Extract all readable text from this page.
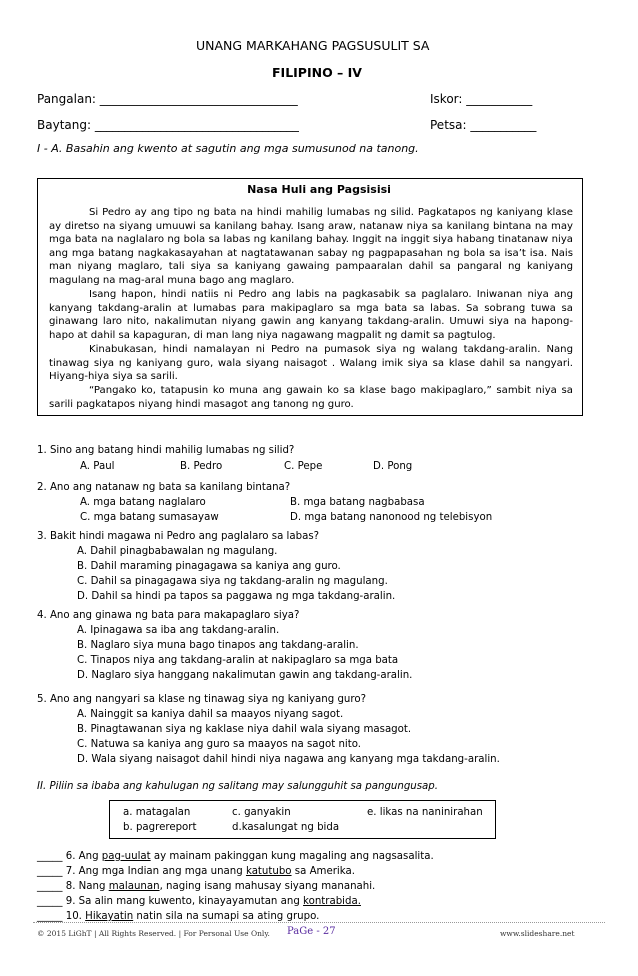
UNANG MARKAHANG PAGSUSULIT SA
FILIPINO – IV
Pangalan: _________________________________	Iskor: ___________
Baytang: __________________________________	Petsa: ___________
I - A. Basahin ang kwento at sagutin ang mga sumusunod na tanong.
Nasa Huli ang Pagsisisi
Si Pedro ay ang tipo ng bata na hindi mahilig lumabas ng silid. Pagkatapos ng kaniyang klase ay diretso na siyang umuuwi sa kanilang bahay. Isang araw, natanaw niya sa kanilang bintana na may mga bata na naglalaro ng bola sa labas ng kanilang bahay. Inggit na inggit siya habang tinatanaw niya ang mga batang nagkakasayahan at nagtatawanan sabay ng pagpapasahan ng bola sa isa’t isa. Nais man niyang maglaro, tali siya sa kaniyang gawaing pampaaralan dahil sa pangaral ng kaniyang magulang na mag-aral muna bago ang maglaro.
Isang hapon, hindi natiis ni Pedro ang labis na pagkasabik sa paglalaro. Iniwanan niya ang kanyang takdang-aralin at lumabas para makipaglaro sa mga bata sa labas. Sa sobrang tuwa sa ginawang laro nito, nakalimutan niyang gawin ang kanyang takdang-aralin. Umuwi siya na hapong-hapo at dahil sa kapaguran, di man lang niya nagawang magpalit ng damit sa pagtulog.
Kinabukasan, hindi namalayan ni Pedro na pumasok siya ng walang takdang-aralin. Nang tinawag siya ng kaniyang guro, wala siyang naisagot . Walang imik siya sa klase dahil sa nangyari. Hiyang-hiya siya sa sarili.
“Pangako ko, tatapusin ko muna ang gawain ko sa klase bago makipaglaro,” sambit niya sa sarili pagkatapos niyang hindi masagot ang tanong ng guro.
1. Sino ang batang hindi mahilig lumabas ng silid?
A. Paul	B. Pedro	C. Pepe	D. Pong
2. Ano ang natanaw ng bata sa kanilang bintana?
A. mga batang naglalaro	B. mga batang nagbabasa
C. mga batang sumasayaw	D. mga batang nanonood ng telebisyon
3. Bakit hindi magawa ni Pedro ang paglalaro sa labas?
A. Dahil pinagbabawalan ng magulang.
B. Dahil maraming pinagagawa sa kaniya ang guro.
C. Dahil sa pinagagawa siya ng takdang-aralin ng magulang.
D. Dahil sa hindi pa tapos sa paggawa ng mga takdang-aralin.
4. Ano ang ginawa ng bata para makapaglaro siya?
A. Ipinagawa sa iba ang takdang-aralin.
B. Naglaro siya muna bago tinapos ang takdang-aralin.
C. Tinapos niya ang takdang-aralin at nakipaglaro sa mga bata
D. Naglaro siya hanggang nakalimutan gawin ang takdang-aralin.
5. Ano ang nangyari sa klase ng tinawag siya ng kaniyang guro?
A. Nainggit sa kaniya dahil sa maayos niyang sagot.
B. Pinagtawanan siya ng kaklase niya dahil wala siyang masagot.
C. Natuwa sa kaniya ang guro sa maayos na sagot nito.
D. Wala siyang naisagot dahil hindi niya nagawa ang kanyang mga takdang-aralin.
II. Piliin sa ibaba ang kahulugan ng salitang may salungguhit sa pangungusap.
a. matagalan	c. ganyakin	e. likas na naninirahan
b. pagrereport	d.kasalungat ng bida
_____ 6. Ang pag-uulat ay mainam pakinggan kung magaling ang nagsasalita.
_____ 7. Ang mga Indian ang mga unang katutubo sa Amerika.
_____ 8. Nang malaunan, naging isang mahusay siyang mananahi.
_____ 9. Sa alin mang kuwento, kinayayamutan ang kontrabida.
_____ 10. Hikayatin natin sila na sumapi sa ating grupo.
© 2015 LiGhT | All Rights Reserved. | For Personal Use Only. PaGe - 27	www.slideshare.net
